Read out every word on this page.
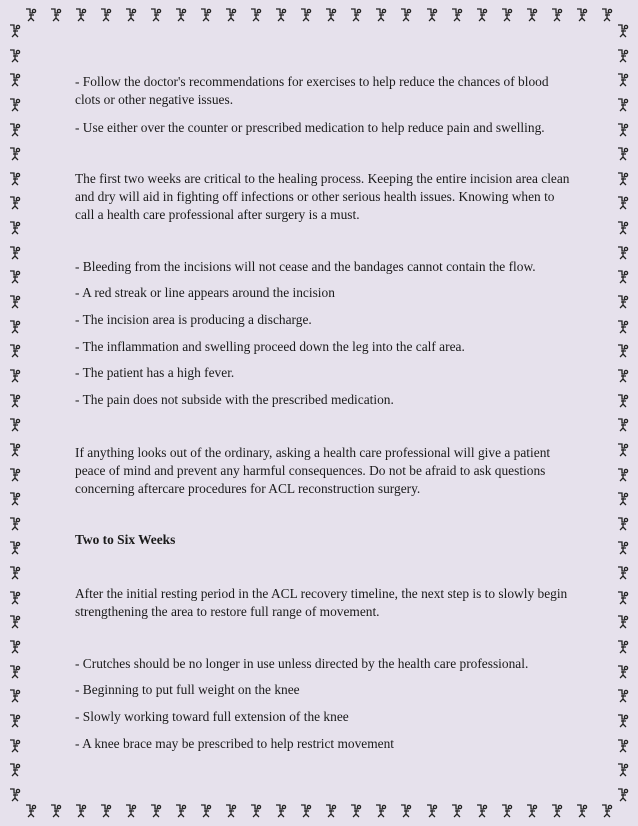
- Follow the doctor's recommendations for exercises to help reduce the chances of blood clots or other negative issues.

- Use either over the counter or prescribed medication to help reduce pain and swelling.

The first two weeks are critical to the healing process. Keeping the entire incision area clean and dry will aid in fighting off infections or other serious health issues. Knowing when to call a health care professional after surgery is a must.

- Bleeding from the incisions will not cease and the bandages cannot contain the flow.

- A red streak or line appears around the incision

- The incision area is producing a discharge.

- The inflammation and swelling proceed down the leg into the calf area.

- The patient has a high fever.

- The pain does not subside with the prescribed medication.

If anything looks out of the ordinary, asking a health care professional will give a patient peace of mind and prevent any harmful consequences. Do not be afraid to ask questions concerning aftercare procedures for ACL reconstruction surgery.

Two to Six Weeks

After the initial resting period in the ACL recovery timeline, the next step is to slowly begin strengthening the area to restore full range of movement.

- Crutches should be no longer in use unless directed by the health care professional.

- Beginning to put full weight on the knee

- Slowly working toward full extension of the knee

- A knee brace may be prescribed to help restrict movement
